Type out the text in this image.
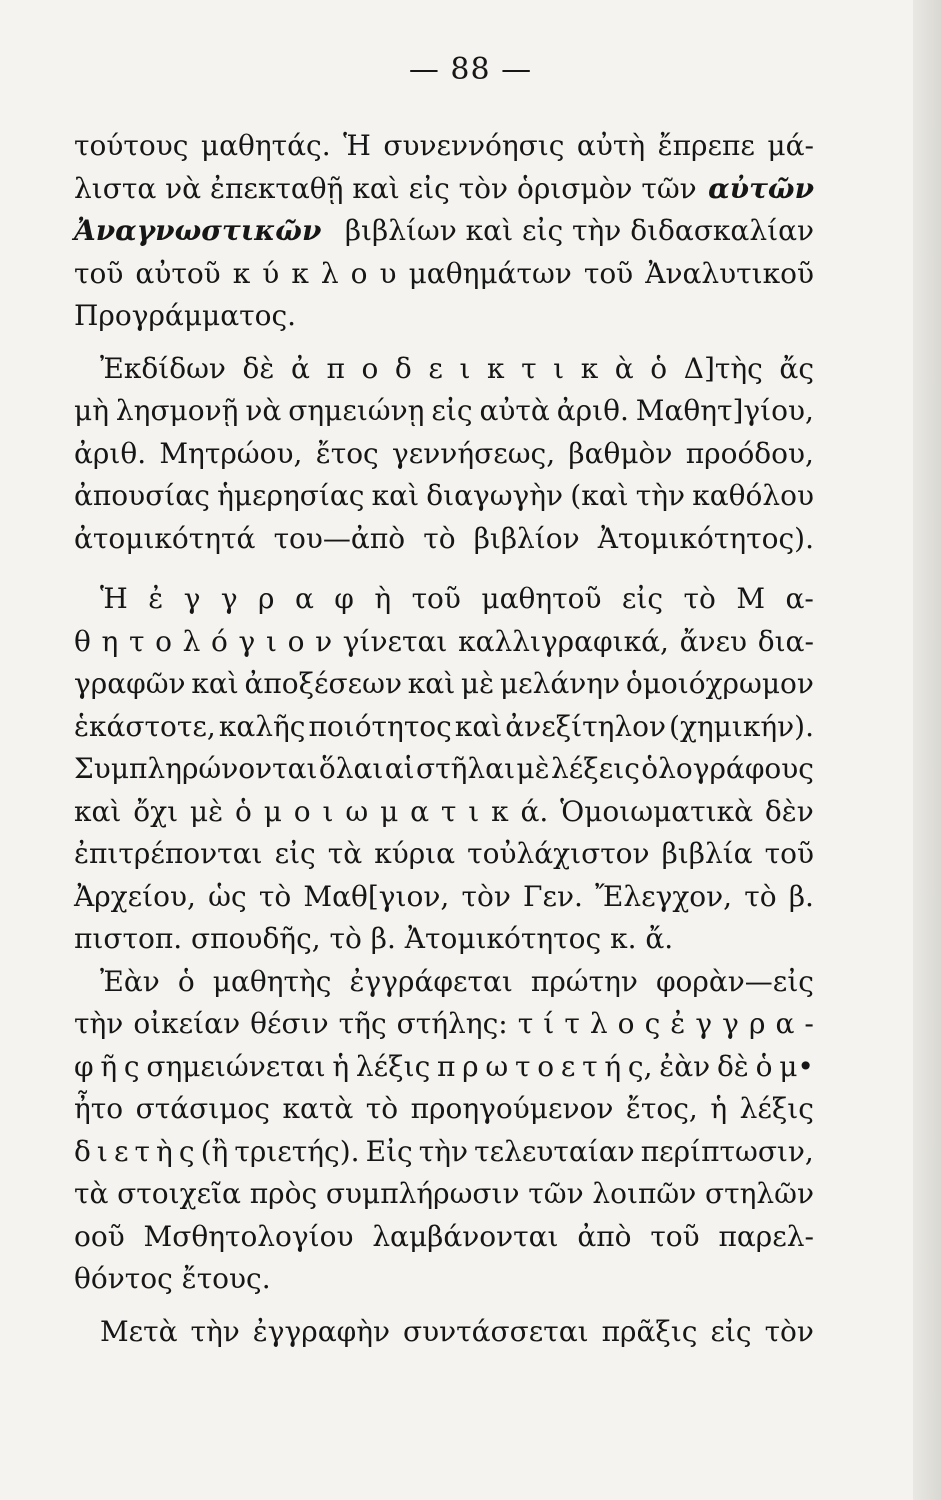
— 88 —
τούτους μαθητάς. Ἡ συνεννόησις αὐτὴ ἔπρεπε μά-
λιστα νὰ ἐπεκταθῇ καὶ εἰς τὸν ὁρισμὸν τῶν αὐτῶν
Ἀναγνωστικῶν βιβλίων καὶ εἰς τὴν διδασκαλίαν
τοῦ αὐτοῦ κ ύ κ λ ο υ μαθημάτων τοῦ Ἀναλυτικοῦ
Προγράμματος.
Ἐκδίδων δὲ ἀ π ο δ ε ι κ τ ι κ ὰ ὁ Δ]τὴς ἄς
μὴ λησμονῇ νὰ σημειώνῃ εἰς αὐτὰ ἀριθ. Μαθητ]γίου,
ἀριθ. Μητρώου, ἔτος γεννήσεως, βαθμὸν προόδου,
ἀπουσίας ἡμερησίας καὶ διαγωγὴν (καὶ τὴν καθόλου
ἀτομικότητά του—ἀπὸ τὸ βιβλίον Ἀτομικότητος).
Ἡ ἐ γ γ ρ α φ ὴ τοῦ μαθητοῦ εἰς τὸ Μ α-
θ η τ ο λ ό γ ι ο ν γίνεται καλλιγραφικά, ἄνευ δια-
γραφῶν καὶ ἀποξέσεων καὶ μὲ μελάνην ὁμοιόχρωμον
ἑκάστοτε, καλῆς ποιότητος καὶ ἀνεξίτηλον (χημικήν).
Συμπληρώνονται ὅλαι αἱ στῆλαι μὲ λέξεις ὁλογράφους
καὶ ὄχι μὲ ὁ μ ο ι ω μ α τ ι κ ά. Ὁμοιωματικὰ δὲν
ἐπιτρέπονται εἰς τὰ κύρια τοὐλάχιστον βιβλία τοῦ
Ἀρχείου, ὡς τὸ Μαθ[γιον, τὸν Γεν. Ἔλεγχον, τὸ β.
πιστοπ. σπουδῆς, τὸ β. Ἀτομικότητος κ. ἄ.
Ἐὰν ὁ μαθητὴς ἐγγράφεται πρώτην φορὰν—εἰς
τὴν οἰκείαν θέσιν τῆς στήλης: τ ί τ λ ο ς ἐ γ γ ρ α -
φ ῆ ς σημειώνεται ἡ λέξις π ρ ω τ ο ε τ ή ς, ἐὰν δὲ ὁ μ•
ἦτο στάσιμος κατὰ τὸ προηγούμενον ἔτος, ἡ λέξις
δ ι ε τ ὴ ς (ἢ τριετής). Εἰς τὴν τελευταίαν περίπτωσιν,
τὰ στοιχεῖα πρὸς συμπλήρωσιν τῶν λοιπῶν στηλῶν
οοῦ Μσθητολογίου λαμβάνονται ἀπὸ τοῦ παρελ-
θόντος ἔτους.
Μετὰ τὴν ἐγγραφὴν συντάσσεται πρᾶξις εἰς τὸν
